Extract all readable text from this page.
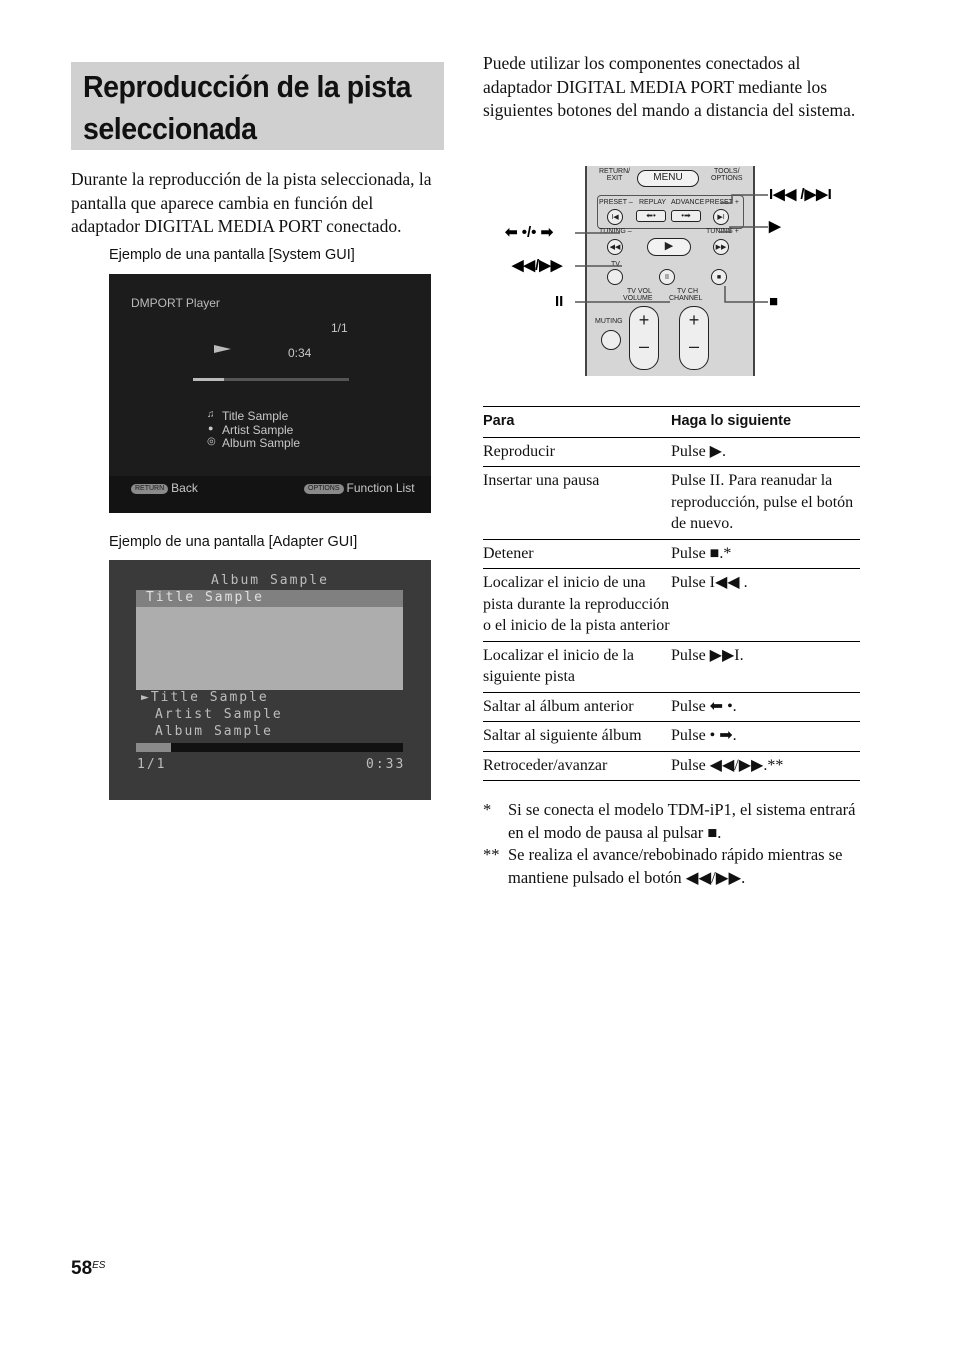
Reproducción de la pista
seleccionada

Durante la reproducción de la pista seleccionada, la pantalla que aparece cambia en función del adaptador DIGITAL MEDIA PORT conectado.

Puede utilizar los componentes conectados al adaptador DIGITAL MEDIA PORT mediante los siguientes botones del mando a distancia del sistema.

Ejemplo de una pantalla [System GUI]
DMPORT Player
1/1
0:34
♫ Title Sample
● Artist Sample
◎ Album Sample
RETURN Back	OPTIONS Function List
Ejemplo de una pantalla [Adapter GUI]
Album Sample
Title Sample
►Title Sample
Artist Sample
Album Sample
1/1	0:33
RETURN/
EXIT	MENU
TOOLS/
OPTIONS
PRESET – REPLAY ADVANCE PRESET +
I◀	⬅•	•➡	▶I
TUNING –	TUNING +
◀◀	▶	▶▶
TV
II	■
TV VOL	TV CH
VOLUME CHANNEL
MUTING +
–
+
–
I◀◀ /▶▶I
▶
⬅ •/• ➡
◀◀/▶▶
II	■
Para	Haga lo siguiente
Reproducir	Pulse ▶.
Insertar una pausa	Pulse II. Para reanudar la reproducción, pulse el botón de nuevo.
Detener	Pulse ■.*
Localizar el inicio de una pista durante la reproducción o el inicio de la pista anterior	Pulse I◀◀ .
Localizar el inicio de la siguiente pista	Pulse ▶▶I.
Saltar al álbum anterior	Pulse ⬅ •.
Saltar al siguiente álbum	Pulse • ➡.
Retroceder/avanzar	Pulse ◀◀/▶▶.**
* Si se conecta el modelo TDM-iP1, el sistema entrará en el modo de pausa al pulsar ■.
** Se realiza el avance/rebobinado rápido mientras se mantiene pulsado el botón ◀◀/▶▶.
$58^{ES}$
